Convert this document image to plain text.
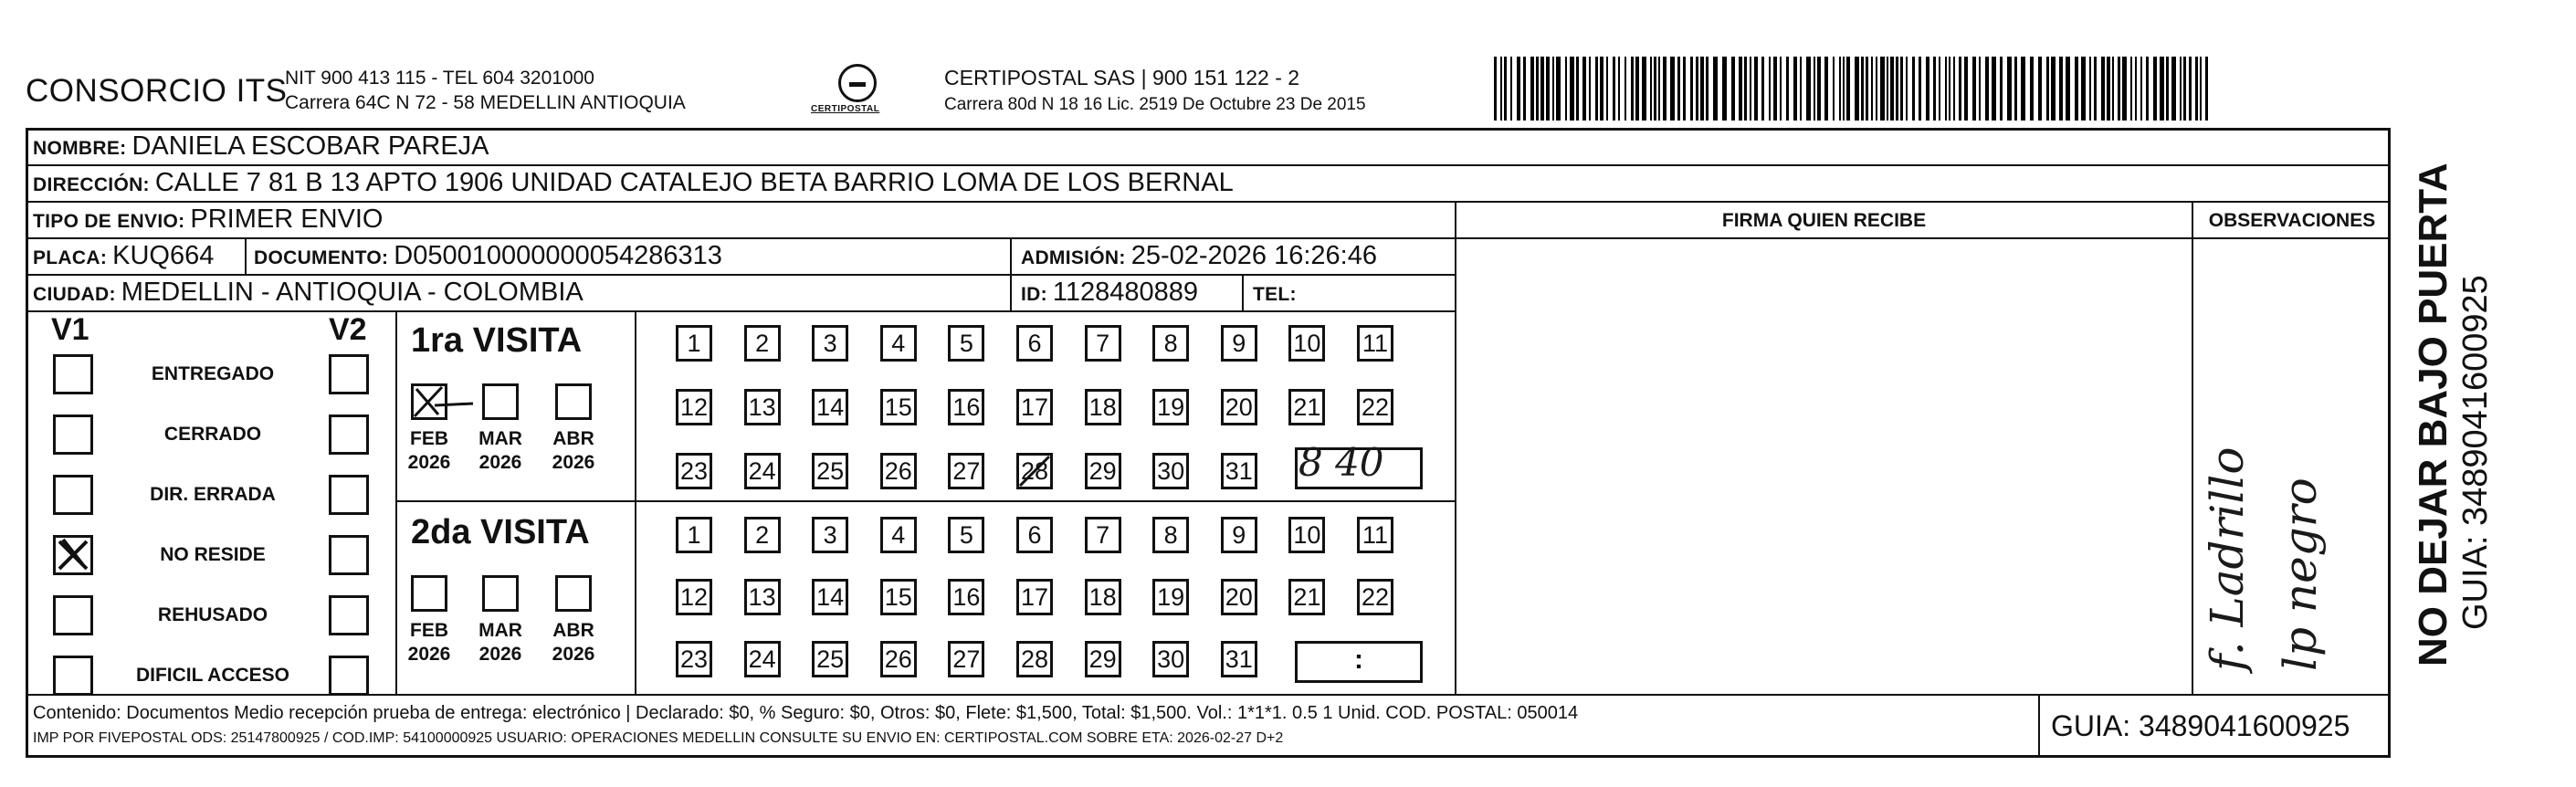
CONSORCIO ITS
NIT 900 413 115 - TEL 604 3201000
Carrera 64C N 72 - 58 MEDELLIN ANTIOQUIA	CERTIPOSTAL
CERTIPOSTAL SAS | 900 151 122 - 2
Carrera 80d N 18 16 Lic. 2519 De Octubre 23 De 2015
NOMBRE: DANIELA ESCOBAR PAREJA
DIRECCIÓN: CALLE 7 81 B 13 APTO 1906 UNIDAD CATALEJO BETA BARRIO LOMA DE LOS BERNAL
TIPO DE ENVIO: PRIMER ENVIO
PLACA: KUQ664 DOCUMENTO: D050010000000054286313	ADMISIÓN: 25-02-2026 16:26:46
CIUDAD: MEDELLIN - ANTIOQUIA - COLOMBIA	ID: 1128480889	TEL:
FIRMA QUIEN RECIBE	OBSERVACIONES
V1	V2
ENTREGADO
CERRADO
DIR. ERRADA
NO RESIDE
REHUSADO
DIFICIL ACCESO
1ra VISITA
2da VISITA
FEB
2026
MAR
2026
ABR
2026
1 2 3 4 5 6 7 8 9 10 11
12 13 14 15 16 17 18 19 20 21 22
23 24 25 26 27 28 29 30 31
FEB
2026
MAR
2026
ABR
2026
1 2 3 4 5 6 7 8 9 10 11
12 13 14 15 16 17 18 19 20 21 22
23 24 25 26 27 28 29 30 31
8 40
:	f. Ladrillo lp negro
Contenido: Documentos Medio recepción prueba de entrega: electrónico | Declarado: $0, % Seguro: $0, Otros: $0, Flete: $1,500, Total: $1,500. Vol.: 1*1*1. 0.5 1 Unid. COD. POSTAL: 050014
IMP POR FIVEPOSTAL ODS: 25147800925 / COD.IMP: 54100000925 USUARIO: OPERACIONES MEDELLIN CONSULTE SU ENVIO EN: CERTIPOSTAL.COM SOBRE ETA: 2026-02-27 D+2	GUIA: 3489041600925
NO DEJAR BAJO PUERTA GUIA: 3489041600925
